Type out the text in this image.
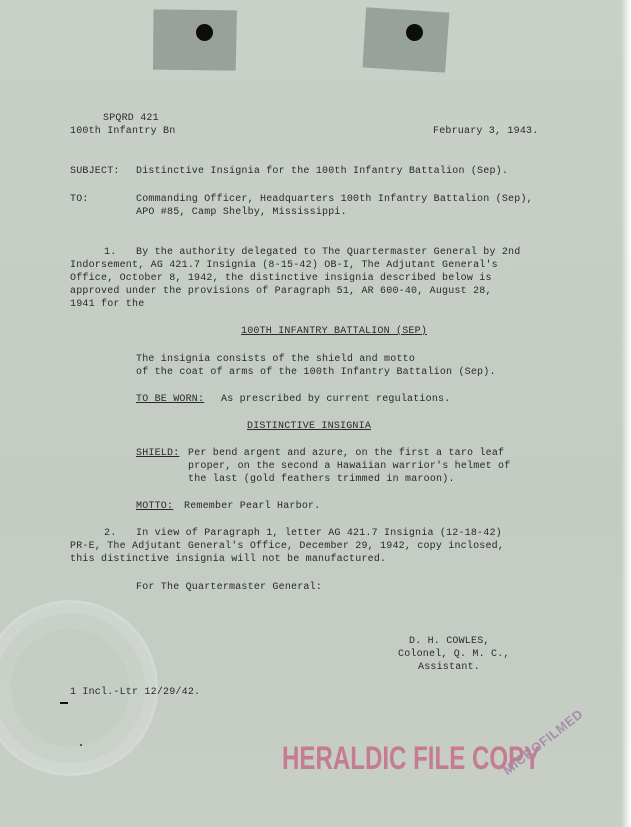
SPQRD 421
100th Infantry Bn	February 3, 1943.
SUBJECT: Distinctive Insignia for the 100th Infantry Battalion (Sep).
TO:	Commanding Officer, Headquarters 100th Infantry Battalion (Sep),
APO #85, Camp Shelby, Mississippi.
1. By the authority delegated to The Quartermaster General by 2nd
Indorsement, AG 421.7 Insignia (8-15-42) OB-I, The Adjutant General's
Office, October 8, 1942, the distinctive insignia described below is
approved under the provisions of Paragraph 51, AR 600-40, August 28,
1941 for the
100TH INFANTRY BATTALION (SEP)
The insignia consists of the shield and motto
of the coat of arms of the 100th Infantry Battalion (Sep).
TO BE WORN: As prescribed by current regulations.
DISTINCTIVE INSIGNIA
SHIELD: Per bend argent and azure, on the first a taro leaf
proper, on the second a Hawaiian warrior's helmet of
the last (gold feathers trimmed in maroon).
MOTTO: Remember Pearl Harbor.
2. In view of Paragraph 1, letter AG 421.7 Insignia (12-18-42)
PR-E, The Adjutant General's Office, December 29, 1942, copy inclosed,
this distinctive insignia will not be manufactured.
For The Quartermaster General:
D. H. COWLES,
Colonel, Q. M. C.,
Assistant.
1 Incl.-Ltr 12/29/42.
HERALDIC FILE COPY
MICROFILMED
